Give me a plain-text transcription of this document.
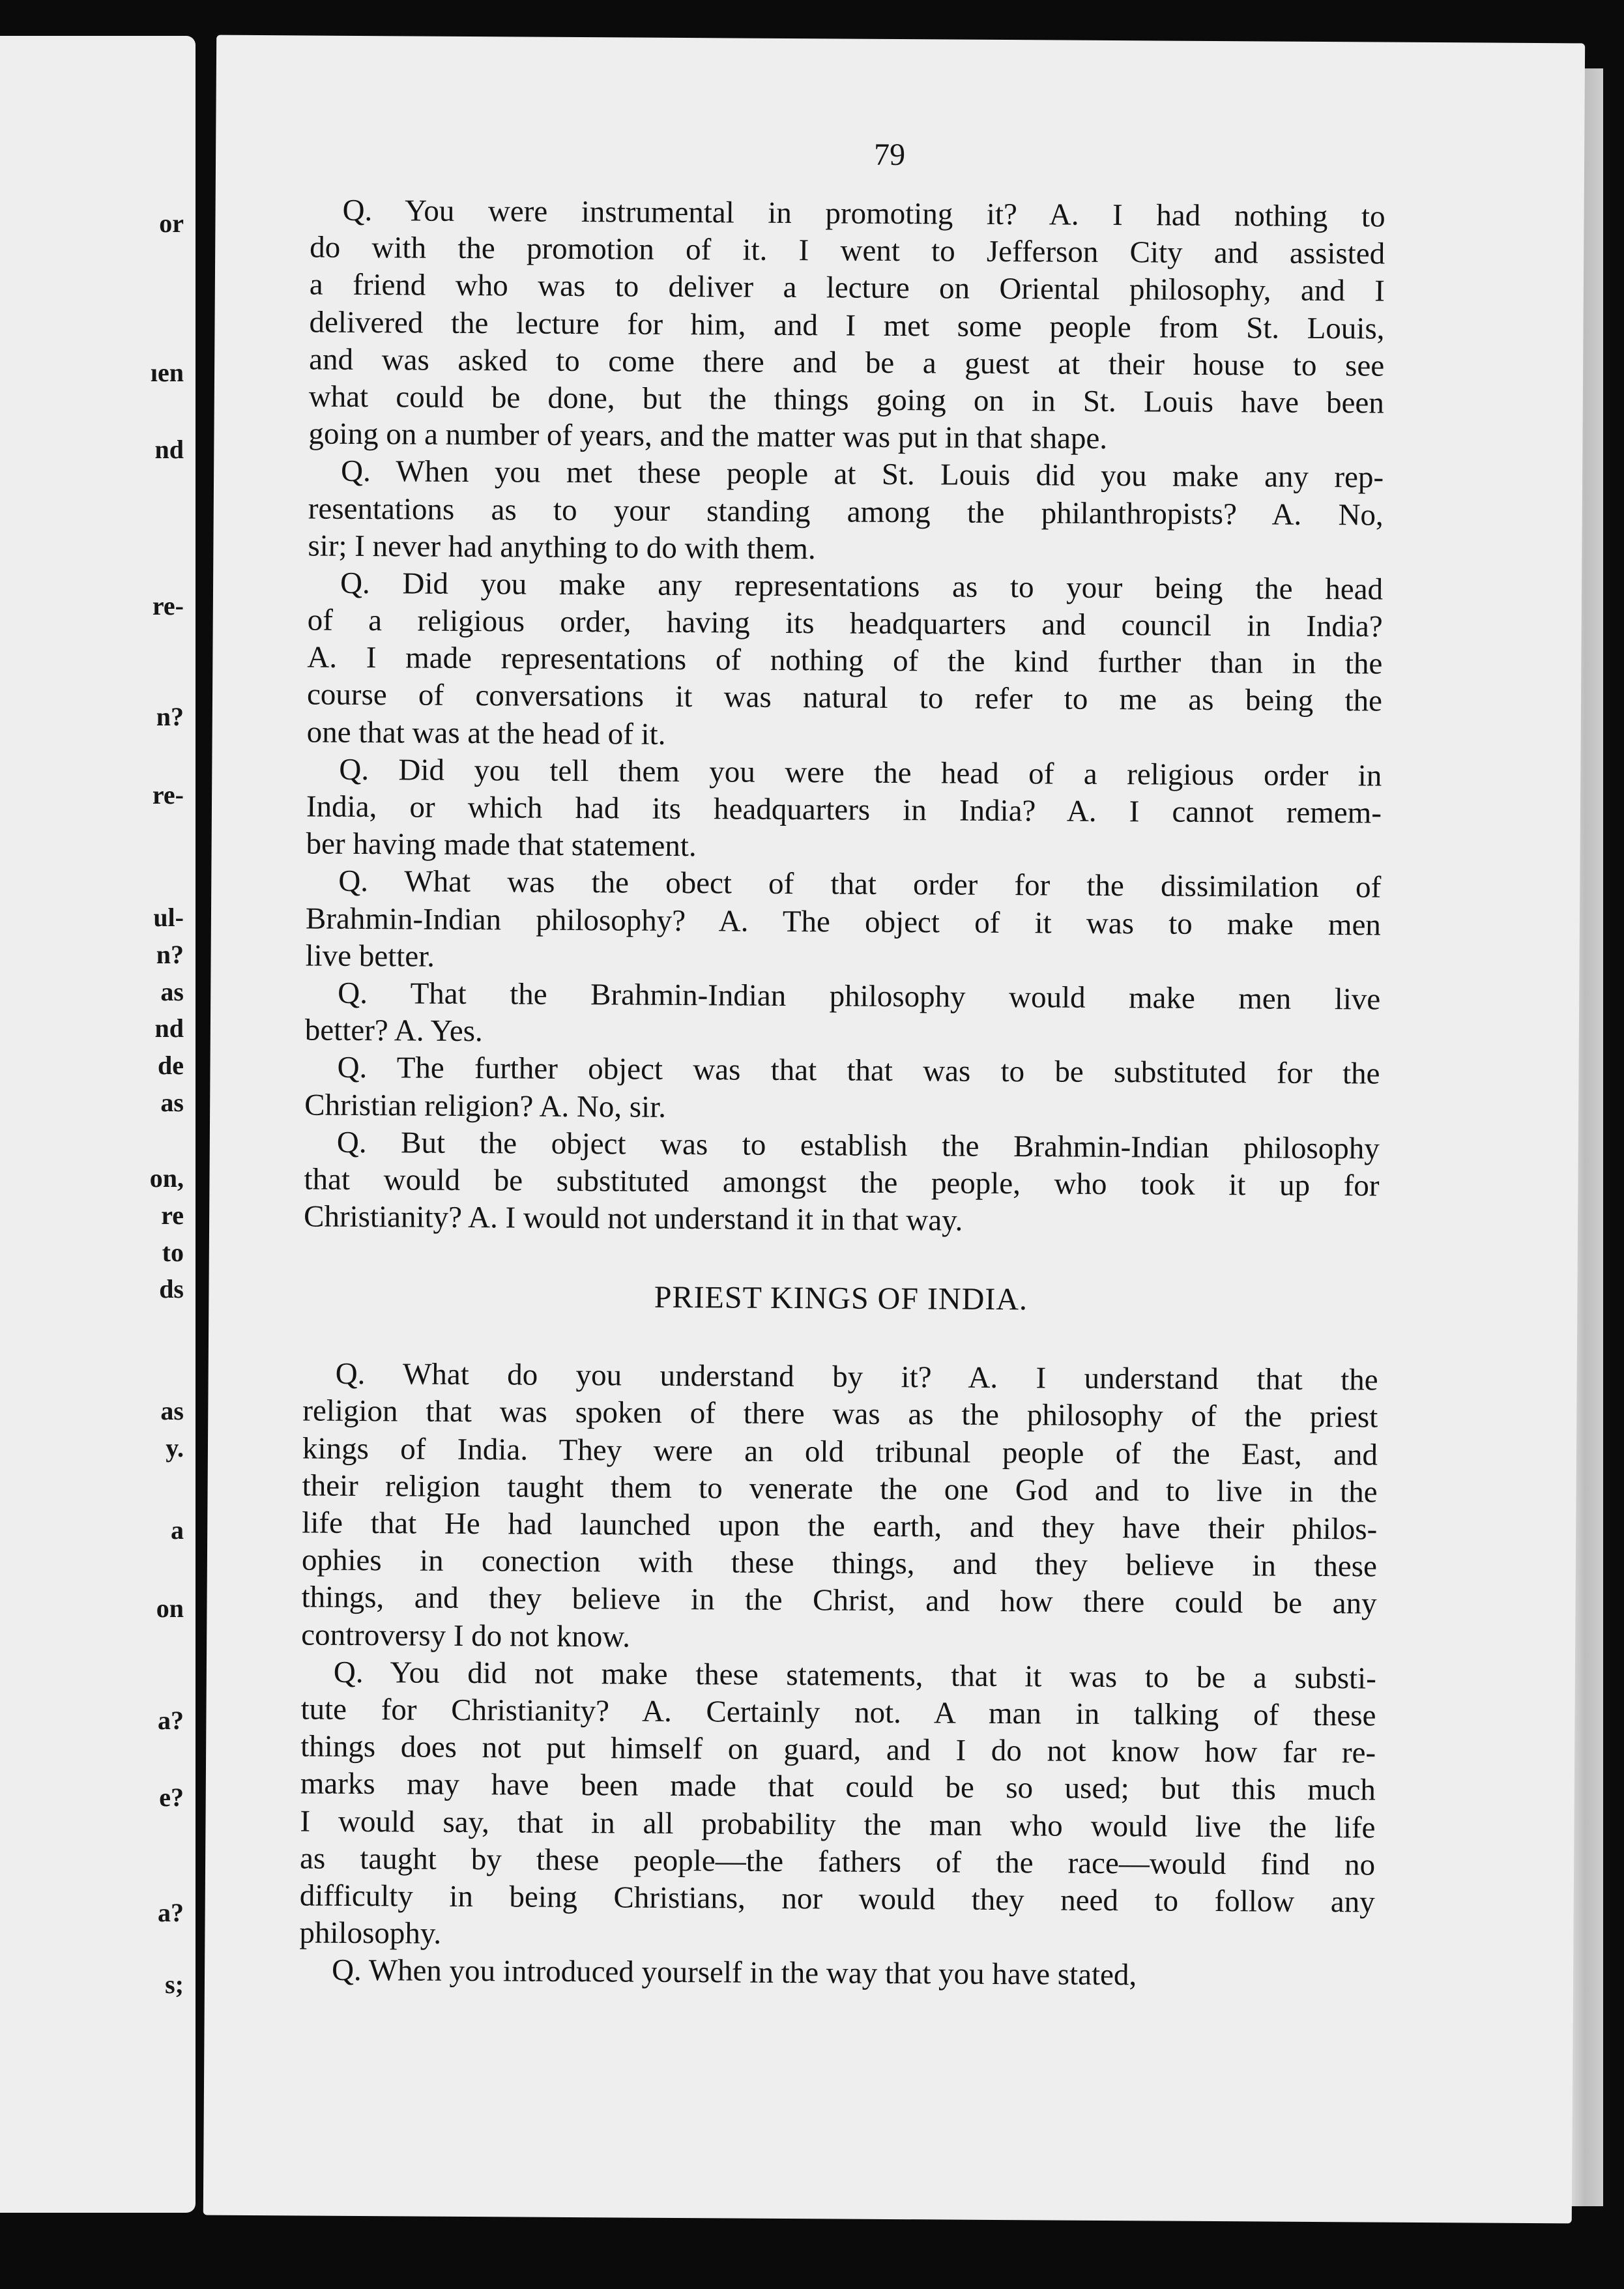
or
ıen
nd
re-
n?
re-
ul-
n?
as
nd
de
as
on,
re
to
ds
as
y.
a
on
a?
e?
a?
s;
79
Q. You were instrumental in promoting it? A. I had nothing to
do with the promotion of it. I went to Jefferson City and assisted
a friend who was to deliver a lecture on Oriental philosophy, and I
delivered the lecture for him, and I met some people from St. Louis,
and was asked to come there and be a guest at their house to see
what could be done, but the things going on in St. Louis have been
going on a number of years, and the matter was put in that shape.
Q. When you met these people at St. Louis did you make any rep-
resentations as to your standing among the philanthropists? A. No,
sir; I never had anything to do with them.
Q. Did you make any representations as to your being the head
of a religious order, having its headquarters and council in India?
A. I made representations of nothing of the kind further than in the
course of conversations it was natural to refer to me as being the
one that was at the head of it.
Q. Did you tell them you were the head of a religious order in
India, or which had its headquarters in India? A. I cannot remem-
ber having made that statement.
Q. What was the obect of that order for the dissimilation of
Brahmin-Indian philosophy? A. The object of it was to make men
live better.
Q. That the Brahmin-Indian philosophy would make men live
better? A. Yes.
Q. The further object was that that was to be substituted for the
Christian religion? A. No, sir.
Q. But the object was to establish the Brahmin-Indian philosophy
that would be substituted amongst the people, who took it up for
Christianity? A. I would not understand it in that way.
PRIEST KINGS OF INDIA.
Q. What do you understand by it? A. I understand that the
religion that was spoken of there was as the philosophy of the priest
kings of India. They were an old tribunal people of the East, and
their religion taught them to venerate the one God and to live in the
life that He had launched upon the earth, and they have their philos-
ophies in conection with these things, and they believe in these
things, and they believe in the Christ, and how there could be any
controversy I do not know.
Q. You did not make these statements, that it was to be a substi-
tute for Christianity? A. Certainly not. A man in talking of these
things does not put himself on guard, and I do not know how far re-
marks may have been made that could be so used; but this much
I would say, that in all probability the man who would live the life
as taught by these people—the fathers of the race—would find no
difficulty in being Christians, nor would they need to follow any
philosophy.
Q. When you introduced yourself in the way that you have stated,
